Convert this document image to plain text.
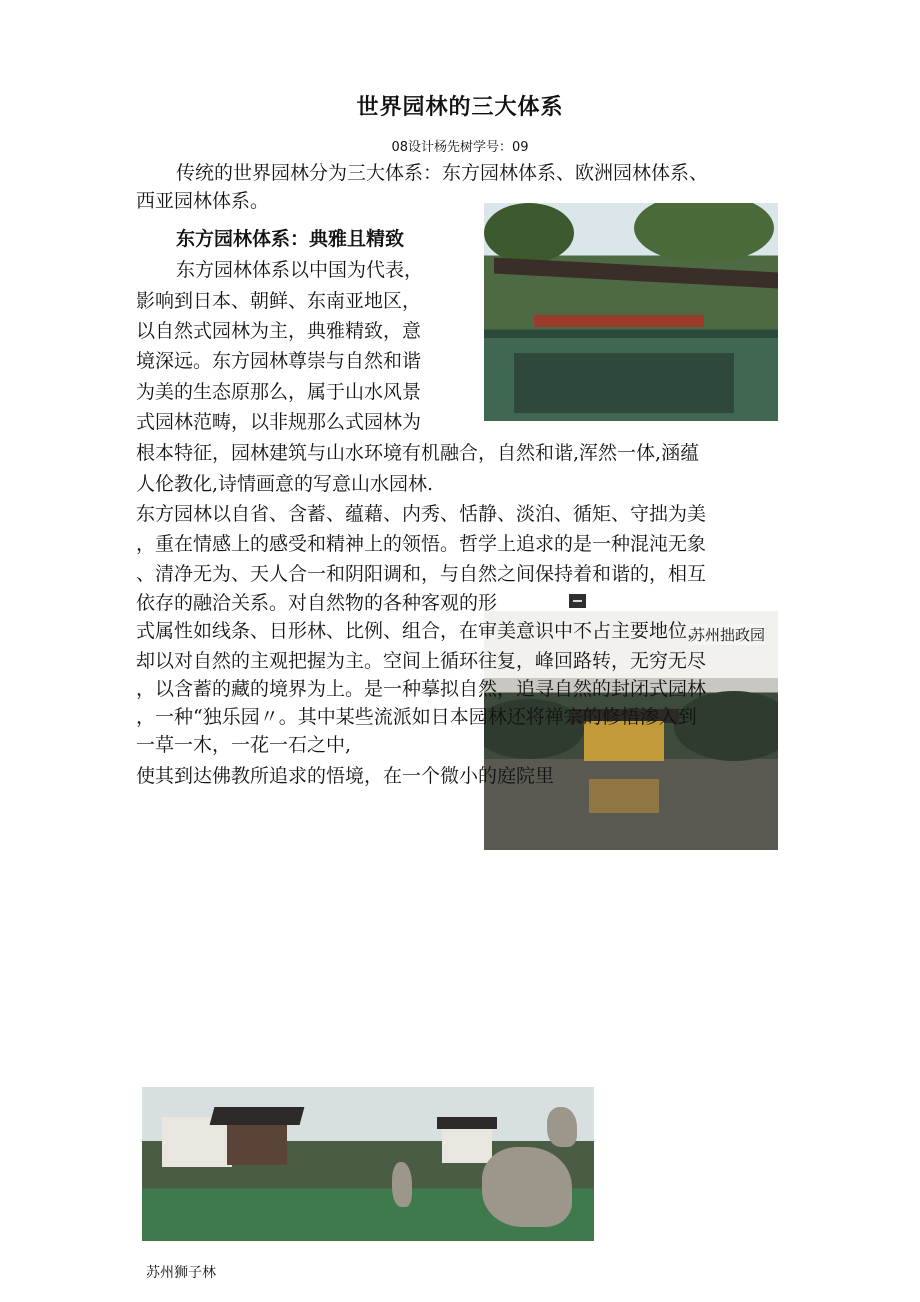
世界园林的三大体系
08设计杨先树学号：09
传统的世界园林分为三大体系：东方园林体系、欧洲园林体系、
西亚园林体系。
东方园林体系：典雅且精致
东方园林体系以中国为代表，
影响到日本、朝鲜、东南亚地区，
以自然式园林为主，典雅精致，意
境深远。东方园林尊崇与自然和谐
为美的生态原那么，属于山水风景
式园林范畴，以非规那么式园林为
根本特征，园林建筑与山水环境有机融合，自然和谐,浑然一体,涵蕴
人伦教化,诗情画意的写意山水园林.
东方园林以自省、含蓄、蕴藉、内秀、恬静、淡泊、循矩、守拙为美
，重在情感上的感受和精神上的领悟。哲学上追求的是一种混沌无象
、清净无为、天人合一和阴阳调和，与自然之间保持着和谐的，相互
依存的融洽关系。对自然物的各种客观的形
式属性如线条、日形林、比例、组合，在审美意识中不占主要地位，
却以对自然的主观把握为主。空间上循环往复，峰回路转，无穷无尽
，以含蓄的藏的境界为上。是一种摹拟自然，追寻自然的封闭式园林
，一种“独乐园〃。其中某些流派如日本园林还将禅宗的修悟渗入到
一草一木，一花一石之中,
使其到达佛教所追求的悟境，在一个微小的庭院里
苏州拙政园
苏州狮子林
